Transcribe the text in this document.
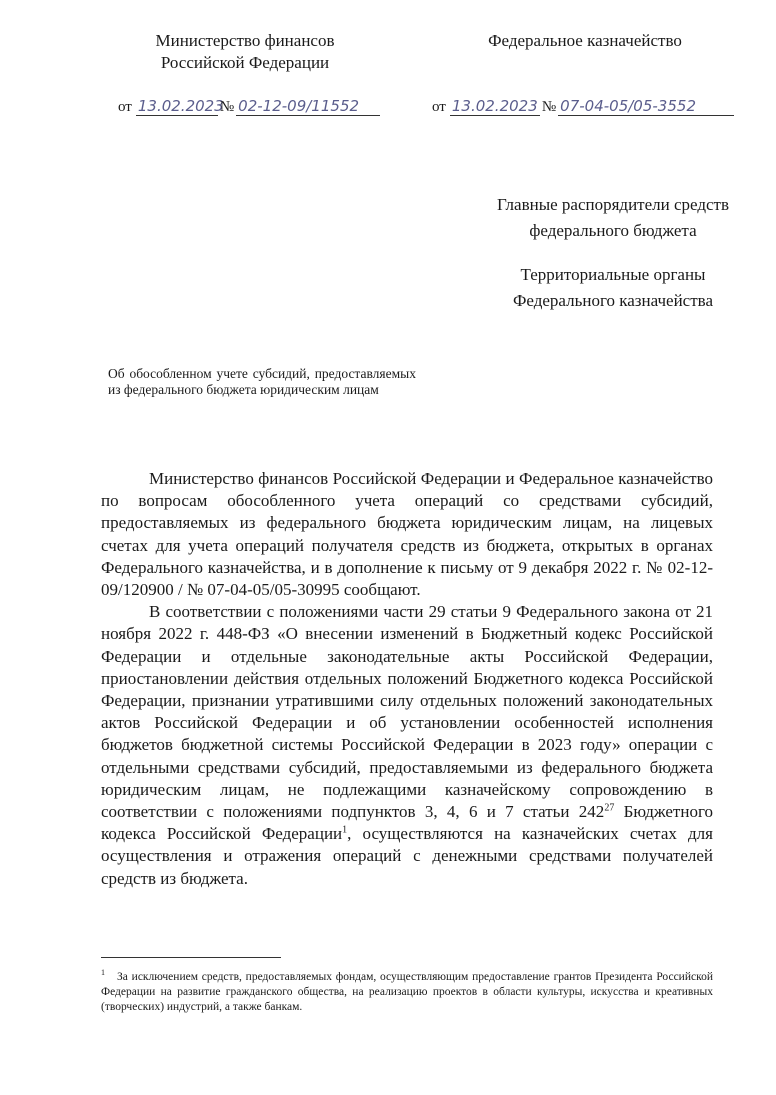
Министерство финансов
Российской Федерации
Федеральное казначейство
от 13.02.2023
№ 02-12-09/11552	от 13.02.2023 № 07-04-05/05-3552
Главные распорядители средств
федерального бюджета
Территориальные органы
Федерального казначейства
Об обособленном учете субсидий, предоставляемых из федерального бюджета юридическим лицам

Министерство финансов Российской Федерации и Федеральное казначейство по вопросам обособленного учета операций со средствами субсидий, предоставляемых из федерального бюджета юридическим лицам, на лицевых счетах для учета операций получателя средств из бюджета, открытых в органах Федерального казначейства, и в дополнение к письму от 9 декабря 2022 г. № 02-12-09/120900 / № 07-04-05/05-30995 сообщают.

В соответствии с положениями части 29 статьи 9 Федерального закона от 21 ноября 2022 г. 448-ФЗ «О внесении изменений в Бюджетный кодекс Российской Федерации и отдельные законодательные акты Российской Федерации, приостановлении действия отдельных положений Бюджетного кодекса Российской Федерации, признании утратившими силу отдельных положений законодательных актов Российской Федерации и об установлении особенностей исполнения бюджетов бюджетной системы Российской Федерации в 2023 году» операции с отдельными средствами субсидий, предоставляемыми из федерального бюджета юридическим лицам, не подлежащими казначейскому сопровождению в соответствии с положениями подпунктов 3, 4, 6 и 7 статьи $242^{27}$ Бюджетного кодекса Российской Федерации$^1$, осуществляются на казначейских счетах для осуществления и отражения операций с денежными средствами получателей средств из бюджета.

$^1$ За исключением средств, предоставляемых фондам, осуществляющим предоставление грантов Президента Российской Федерации на развитие гражданского общества, на реализацию проектов в области культуры, искусства и креативных (творческих) индустрий, а также банкам.
